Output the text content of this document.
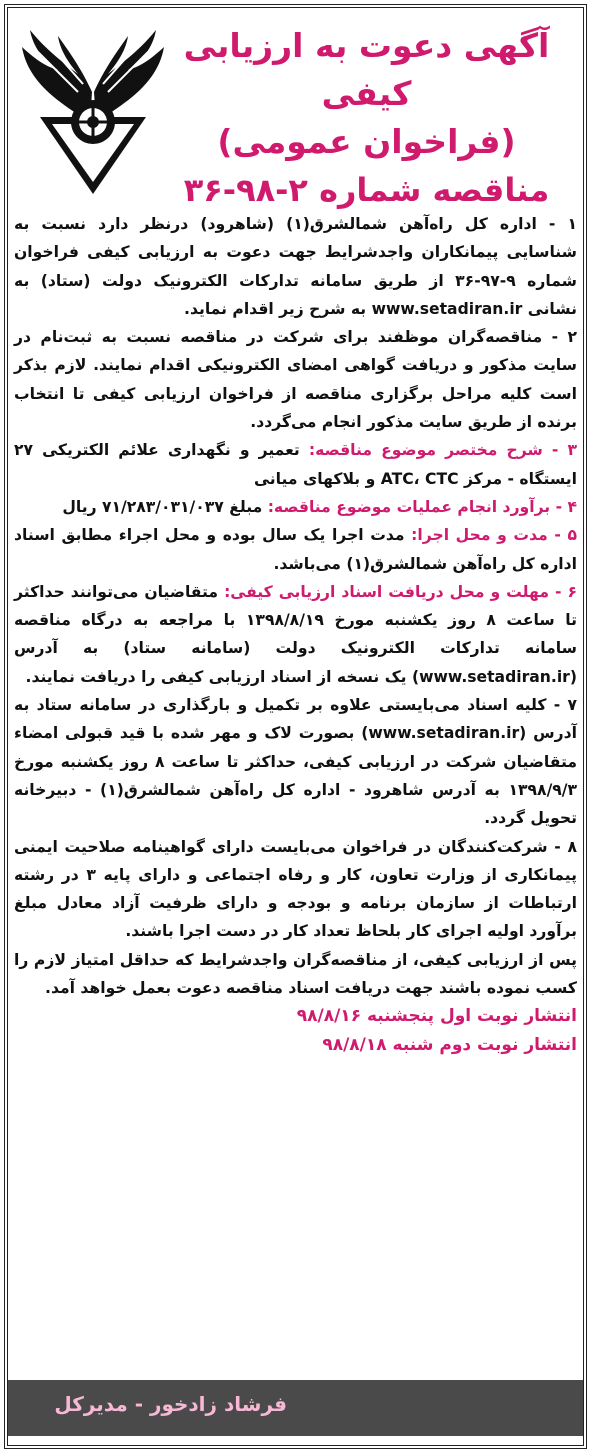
آگهی دعوت به ارزیابی کیفی
(فراخوان عمومی)
مناقصه شماره ۲-۹۸-۳۶

۱ - اداره کل راه‌آهن شمالشرق(۱) (شاهرود) درنظر دارد نسبت به شناسایی پیمانکاران واجدشرایط جهت دعوت به ارزیابی کیفی فراخوان شماره ۹-۹۷-۳۶ از طریق سامانه تدارکات الکترونیک دولت (ستاد) به نشانی www.setadiran.ir به شرح زیر اقدام نماید.

۲ - مناقصه‌گران موظفند برای شرکت در مناقصه نسبت به ثبت‌نام در سایت مذکور و دریافت گواهی امضای الکترونیکی اقدام نمایند. لازم بذکر است کلیه مراحل برگزاری مناقصه از فراخوان ارزیابی کیفی تا انتخاب برنده از طریق سایت مذکور انجام می‌گردد.

۳ - شرح مختصر موضوع مناقصه: تعمیر و نگهداری علائم الکتریکی ۲۷ ایستگاه - مرکز ATC، CTC و بلاکهای میانی

۴ - برآورد انجام عملیات موضوع مناقصه: مبلغ ۷۱/۲۸۳/۰۳۱/۰۳۷ ریال

۵ - مدت و محل اجرا: مدت اجرا یک سال بوده و محل اجراء مطابق اسناد اداره کل راه‌آهن شمالشرق(۱) می‌باشد.

۶ - مهلت و محل دریافت اسناد ارزیابی کیفی: متقاضیان می‌توانند حداکثر تا ساعت ۸ روز یکشنبه مورخ ۱۳۹۸/۸/۱۹ با مراجعه به درگاه مناقصه سامانه تدارکات الکترونیک دولت (سامانه ستاد) به آدرس (www.setadiran.ir) یک نسخه از اسناد ارزیابی کیفی را دریافت نمایند.

۷ - کلیه اسناد می‌بایستی علاوه بر تکمیل و بارگذاری در سامانه ستاد به آدرس (www.setadiran.ir) بصورت لاک و مهر شده با قید قبولی امضاء متقاضیان شرکت در ارزیابی کیفی، حداکثر تا ساعت ۸ روز یکشنبه مورخ ۱۳۹۸/۹/۳ به آدرس شاهرود - اداره کل راه‌آهن شمالشرق(۱) - دبیرخانه تحویل گردد.

۸ - شرکت‌کنندگان در فراخوان می‌بایست دارای گواهینامه صلاحیت ایمنی پیمانکاری از وزارت تعاون، کار و رفاه اجتماعی و دارای پایه ۳ در رشته ارتباطات از سازمان برنامه و بودجه و دارای ظرفیت آزاد معادل مبلغ برآورد اولیه اجرای کار بلحاظ تعداد کار در دست اجرا باشند.

پس از ارزیابی کیفی، از مناقصه‌گران واجدشرایط که حداقل امتیاز لازم را کسب نموده باشند جهت دریافت اسناد مناقصه دعوت بعمل خواهد آمد.

انتشار نوبت اول پنجشنبه ۹۸/۸/۱۶

انتشار نوبت دوم شنبه ۹۸/۸/۱۸

فرشاد زادخور - مدیرکل
